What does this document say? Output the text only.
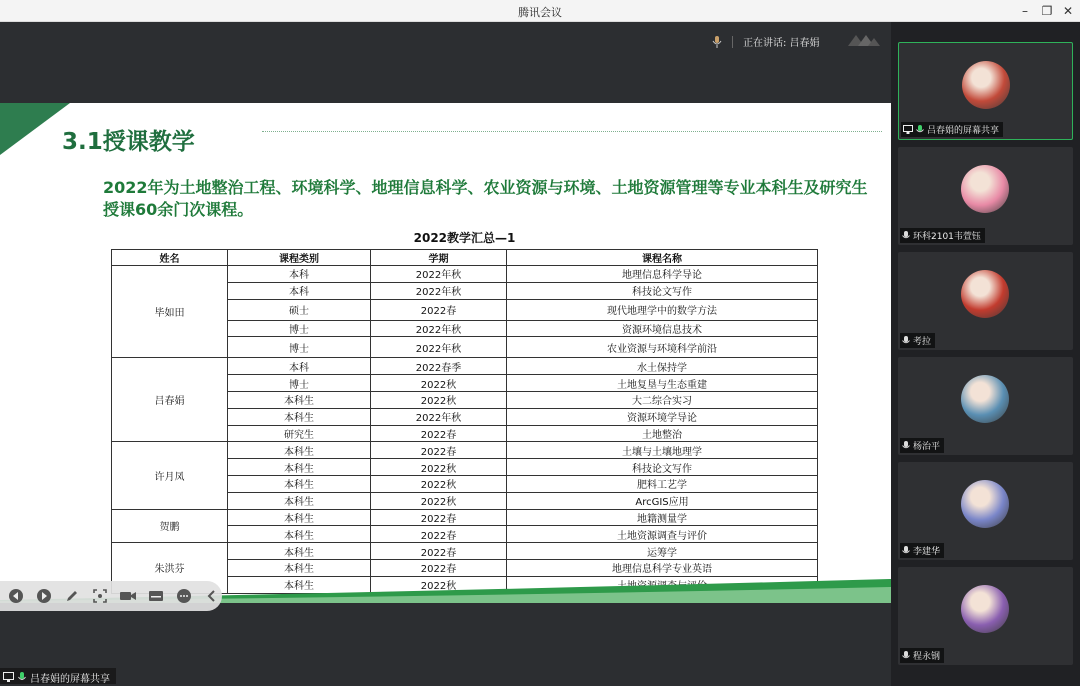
腾讯会议	–	❐ ✕
正在讲话: 吕春娟
3.1授课教学
2022年为土地整治工程、环境科学、地理信息科学、农业资源与环境、土地资源管理等专业本科生及研究生授课60余门次课程。
2022教学汇总—1
姓名	课程类别	学期	课程名称
毕如田	本科	2022年秋	地理信息科学导论
	本科	2022年秋	科技论文写作
	硕士	2022春	现代地理学中的数学方法
	博士	2022年秋	资源环境信息技术
	博士	2022年秋	农业资源与环境科学前沿
吕春娟	本科	2022春季	水土保持学
	博士	2022秋	土地复垦与生态重建
	本科生	2022秋	大二综合实习
	本科生	2022年秋	资源环境学导论
	研究生	2022春	土地整治
许月凤	本科生	2022春	土壤与土壤地理学
	本科生	2022秋	科技论文写作
	本科生	2022秋	肥料工艺学
	本科生	2022秋	ArcGIS应用
贺鹏	本科生	2022春	地籍测量学
	本科生	2022春	土地资源调查与评价
朱洪芬	本科生	2022春	运筹学
	本科生	2022春	地理信息科学专业英语
	本科生	2022秋	
吕春娟的屏幕共享
吕春娟的屏幕共享
环科2101韦萱钰
考拉
杨治平
李建华
程永钢
